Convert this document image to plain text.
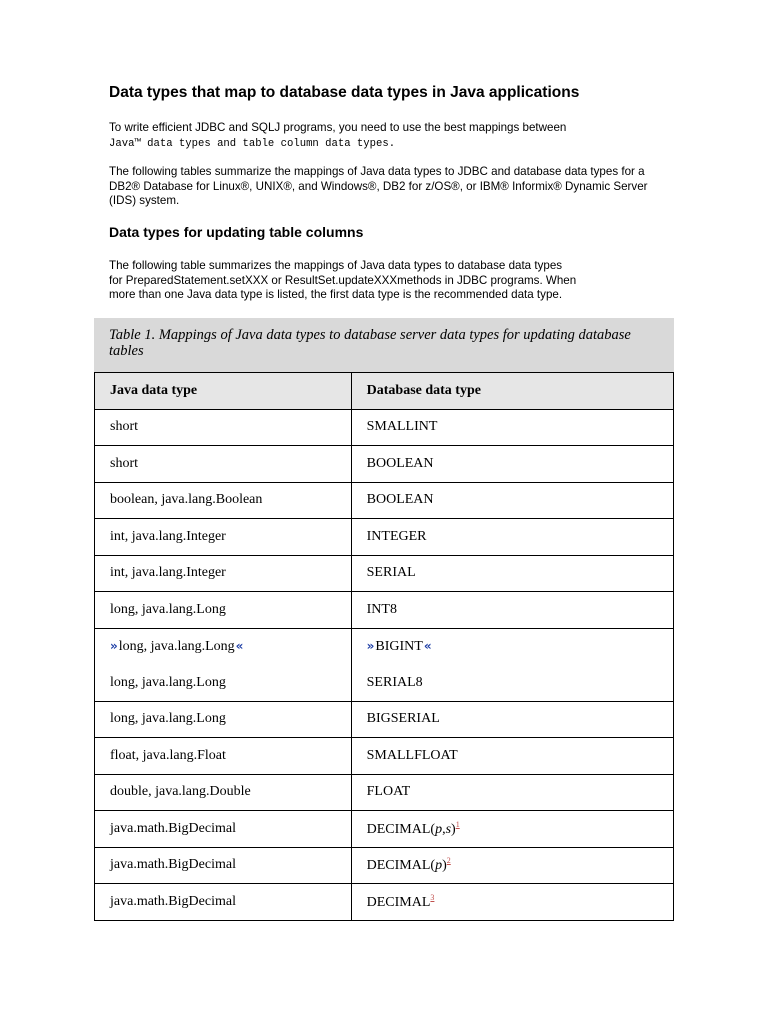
Data types that map to database data types in Java applications

To write efficient JDBC and SQLJ programs, you need to use the best mappings between
Java™ data types and table column data types.

The following tables summarize the mappings of Java data types to JDBC and database data types for a DB2® Database for Linux®, UNIX®, and Windows®, DB2 for z/OS®, or IBM® Informix® Dynamic Server (IDS) system.

Data types for updating table columns

The following table summarizes the mappings of Java data types to database data types
for PreparedStatement.setXXX or ResultSet.updateXXXmethods in JDBC programs. When
more than one Java data type is listed, the first data type is the recommended data type.

Table 1. Mappings of Java data types to database server data types for updating database tables
Java data type	Database data type
short	SMALLINT
short	BOOLEAN
boolean, java.lang.Boolean	BOOLEAN
int, java.lang.Integer	INTEGER
int, java.lang.Integer	SERIAL
long, java.lang.Long	INT8
» long, java.lang.Long«	» BIGINT«
long, java.lang.Long	SERIAL8
long, java.lang.Long	BIGSERIAL
float, java.lang.Float	SMALLFLOAT
double, java.lang.Double	FLOAT
java.math.BigDecimal	DECIMAL(p,s)$^1$
java.math.BigDecimal	DECIMAL(p)$^2$
java.math.BigDecimal	DECIMAL$^3$
